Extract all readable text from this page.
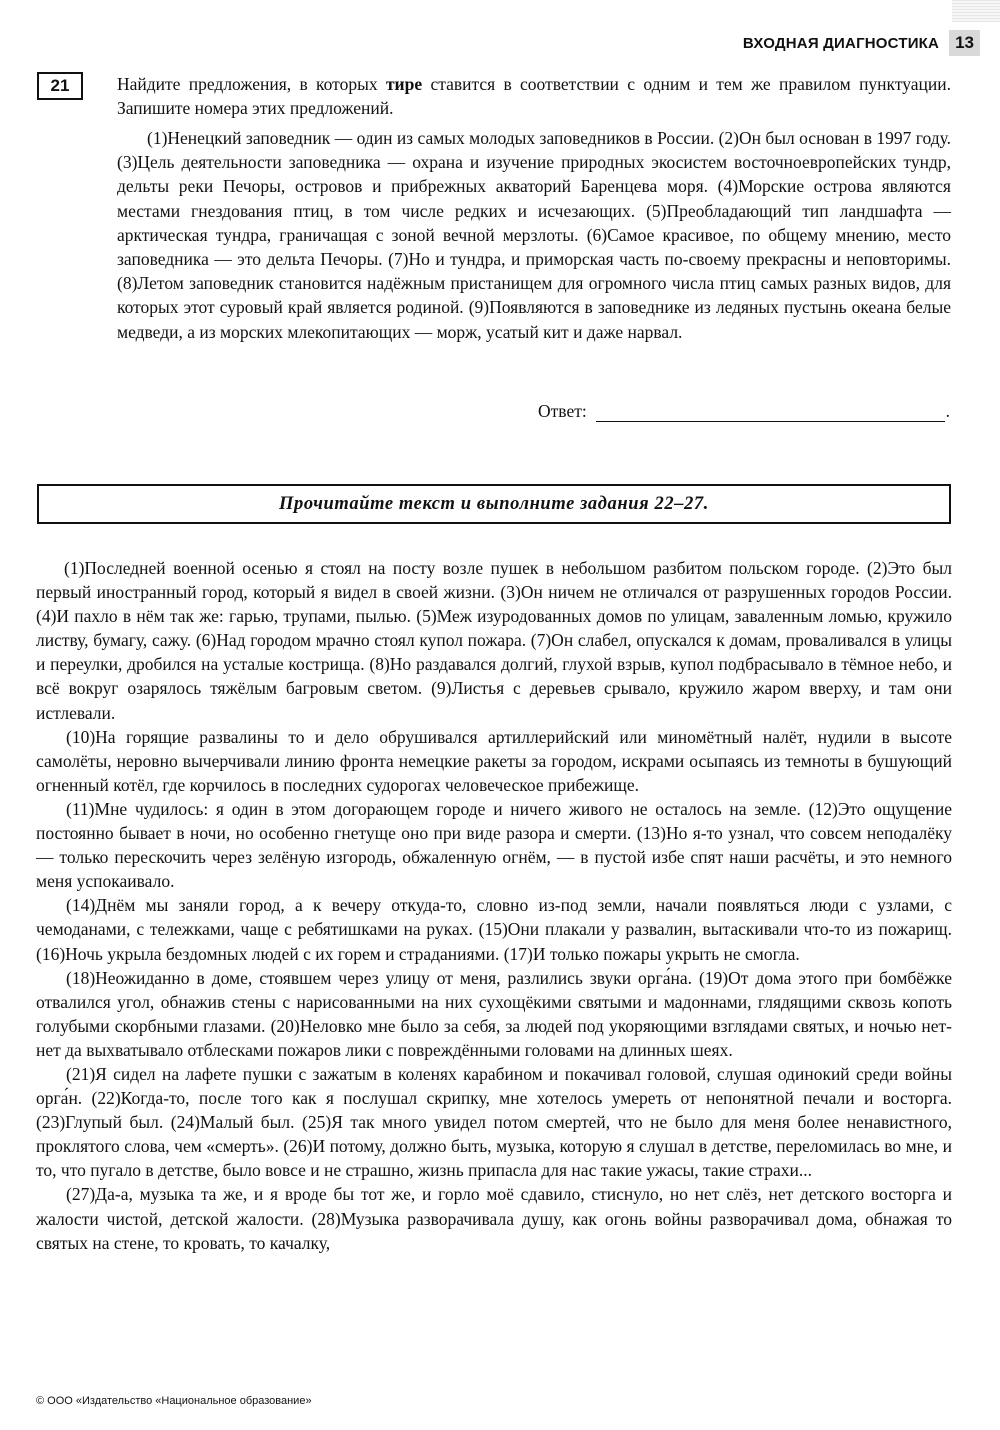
ВХОДНАЯ ДИАГНОСТИКА 13
21	Найдите предложения, в которых тире ставится в соответствии с одним и тем же правилом пунктуации. Запишите номера этих предложений.
(1)Ненецкий заповедник — один из самых молодых заповедников в России. (2)Он был основан в 1997 году. (3)Цель деятельности заповедника — охрана и изучение природных экосистем восточноевропейских тундр, дельты реки Печоры, островов и прибрежных акваторий Баренцева моря. (4)Морские острова являются местами гнездования птиц, в том числе редких и исчезающих. (5)Преобладающий тип ландшафта — арктическая тундра, граничащая с зоной вечной мерзлоты. (6)Самое красивое, по общему мнению, место заповедника — это дельта Печоры. (7)Но и тундра, и приморская часть по-своему прекрасны и неповторимы. (8)Летом заповедник становится надёжным пристанищем для огромного числа птиц самых разных видов, для которых этот суровый край является родиной. (9)Появляются в заповеднике из ледяных пустынь океана белые медведи, а из морских млекопитающих — морж, усатый кит и даже нарвал.
Ответ:	.
Прочитайте текст и выполните задания 22–27.

(1)Последней военной осенью я стоял на посту возле пушек в небольшом разбитом польском городе. (2)Это был первый иностранный город, который я видел в своей жизни. (3)Он ничем не отличался от разрушенных городов России. (4)И пахло в нём так же: гарью, трупами, пылью. (5)Меж изуродованных домов по улицам, заваленным ломью, кружило листву, бумагу, сажу. (6)Над городом мрачно стоял купол пожара. (7)Он слабел, опускался к домам, проваливался в улицы и переулки, дробился на усталые кострища. (8)Но раздавался долгий, глухой взрыв, купол подбрасывало в тёмное небо, и всё вокруг озарялось тяжёлым багровым светом. (9)Листья с деревьев срывало, кружило жаром вверху, и там они истлевали.

(10)На горящие развалины то и дело обрушивался артиллерийский или миномётный налёт, нудили в высоте самолёты, неровно вычерчивали линию фронта немецкие ракеты за городом, искрами осыпаясь из темноты в бушующий огненный котёл, где корчилось в последних судорогах человеческое прибежище.

(11)Мне чудилось: я один в этом догорающем городе и ничего живого не осталось на земле. (12)Это ощущение постоянно бывает в ночи, но особенно гнетуще оно при виде разора и смерти. (13)Но я-то узнал, что совсем неподалёку — только перескочить через зелёную изгородь, обжаленную огнём, — в пустой избе спят наши расчёты, и это немного меня успокаивало.

(14)Днём мы заняли город, а к вечеру откуда-то, словно из-под земли, начали появляться люди с узлами, с чемоданами, с тележками, чаще с ребятишками на руках. (15)Они плакали у развалин, вытаскивали что-то из пожарищ. (16)Ночь укрыла бездомных людей с их горем и страданиями. (17)И только пожары укрыть не смогла.

(18)Неожиданно в доме, стоявшем через улицу от меня, разлились звуки орга́на. (19)От дома этого при бомбёжке отвалился угол, обнажив стены с нарисованными на них сухощёкими святыми и мадоннами, глядящими сквозь копоть голубыми скорбными глазами. (20)Неловко мне было за себя, за людей под укоряющими взглядами святых, и ночью нет-нет да выхватывало отблесками пожаров лики с повреждёнными головами на длинных шеях.

(21)Я сидел на лафете пушки с зажатым в коленях карабином и покачивал головой, слушая одинокий среди войны орга́н. (22)Когда-то, после того как я послушал скрипку, мне хотелось умереть от непонятной печали и восторга. (23)Глупый был. (24)Малый был. (25)Я так много увидел потом смертей, что не было для меня более ненавистного, проклятого слова, чем «смерть». (26)И потому, должно быть, музыка, которую я слушал в детстве, переломилась во мне, и то, что пугало в детстве, было вовсе и не страшно, жизнь припасла для нас такие ужасы, такие страхи...

(27)Да-а, музыка та же, и я вроде бы тот же, и горло моё сдавило, стиснуло, но нет слёз, нет детского восторга и жалости чистой, детской жалости. (28)Музыка разворачивала душу, как огонь войны разворачивал дома, обнажая то святых на стене, то кровать, то качалку,

© ООО «Издательство «Национальное образование»
